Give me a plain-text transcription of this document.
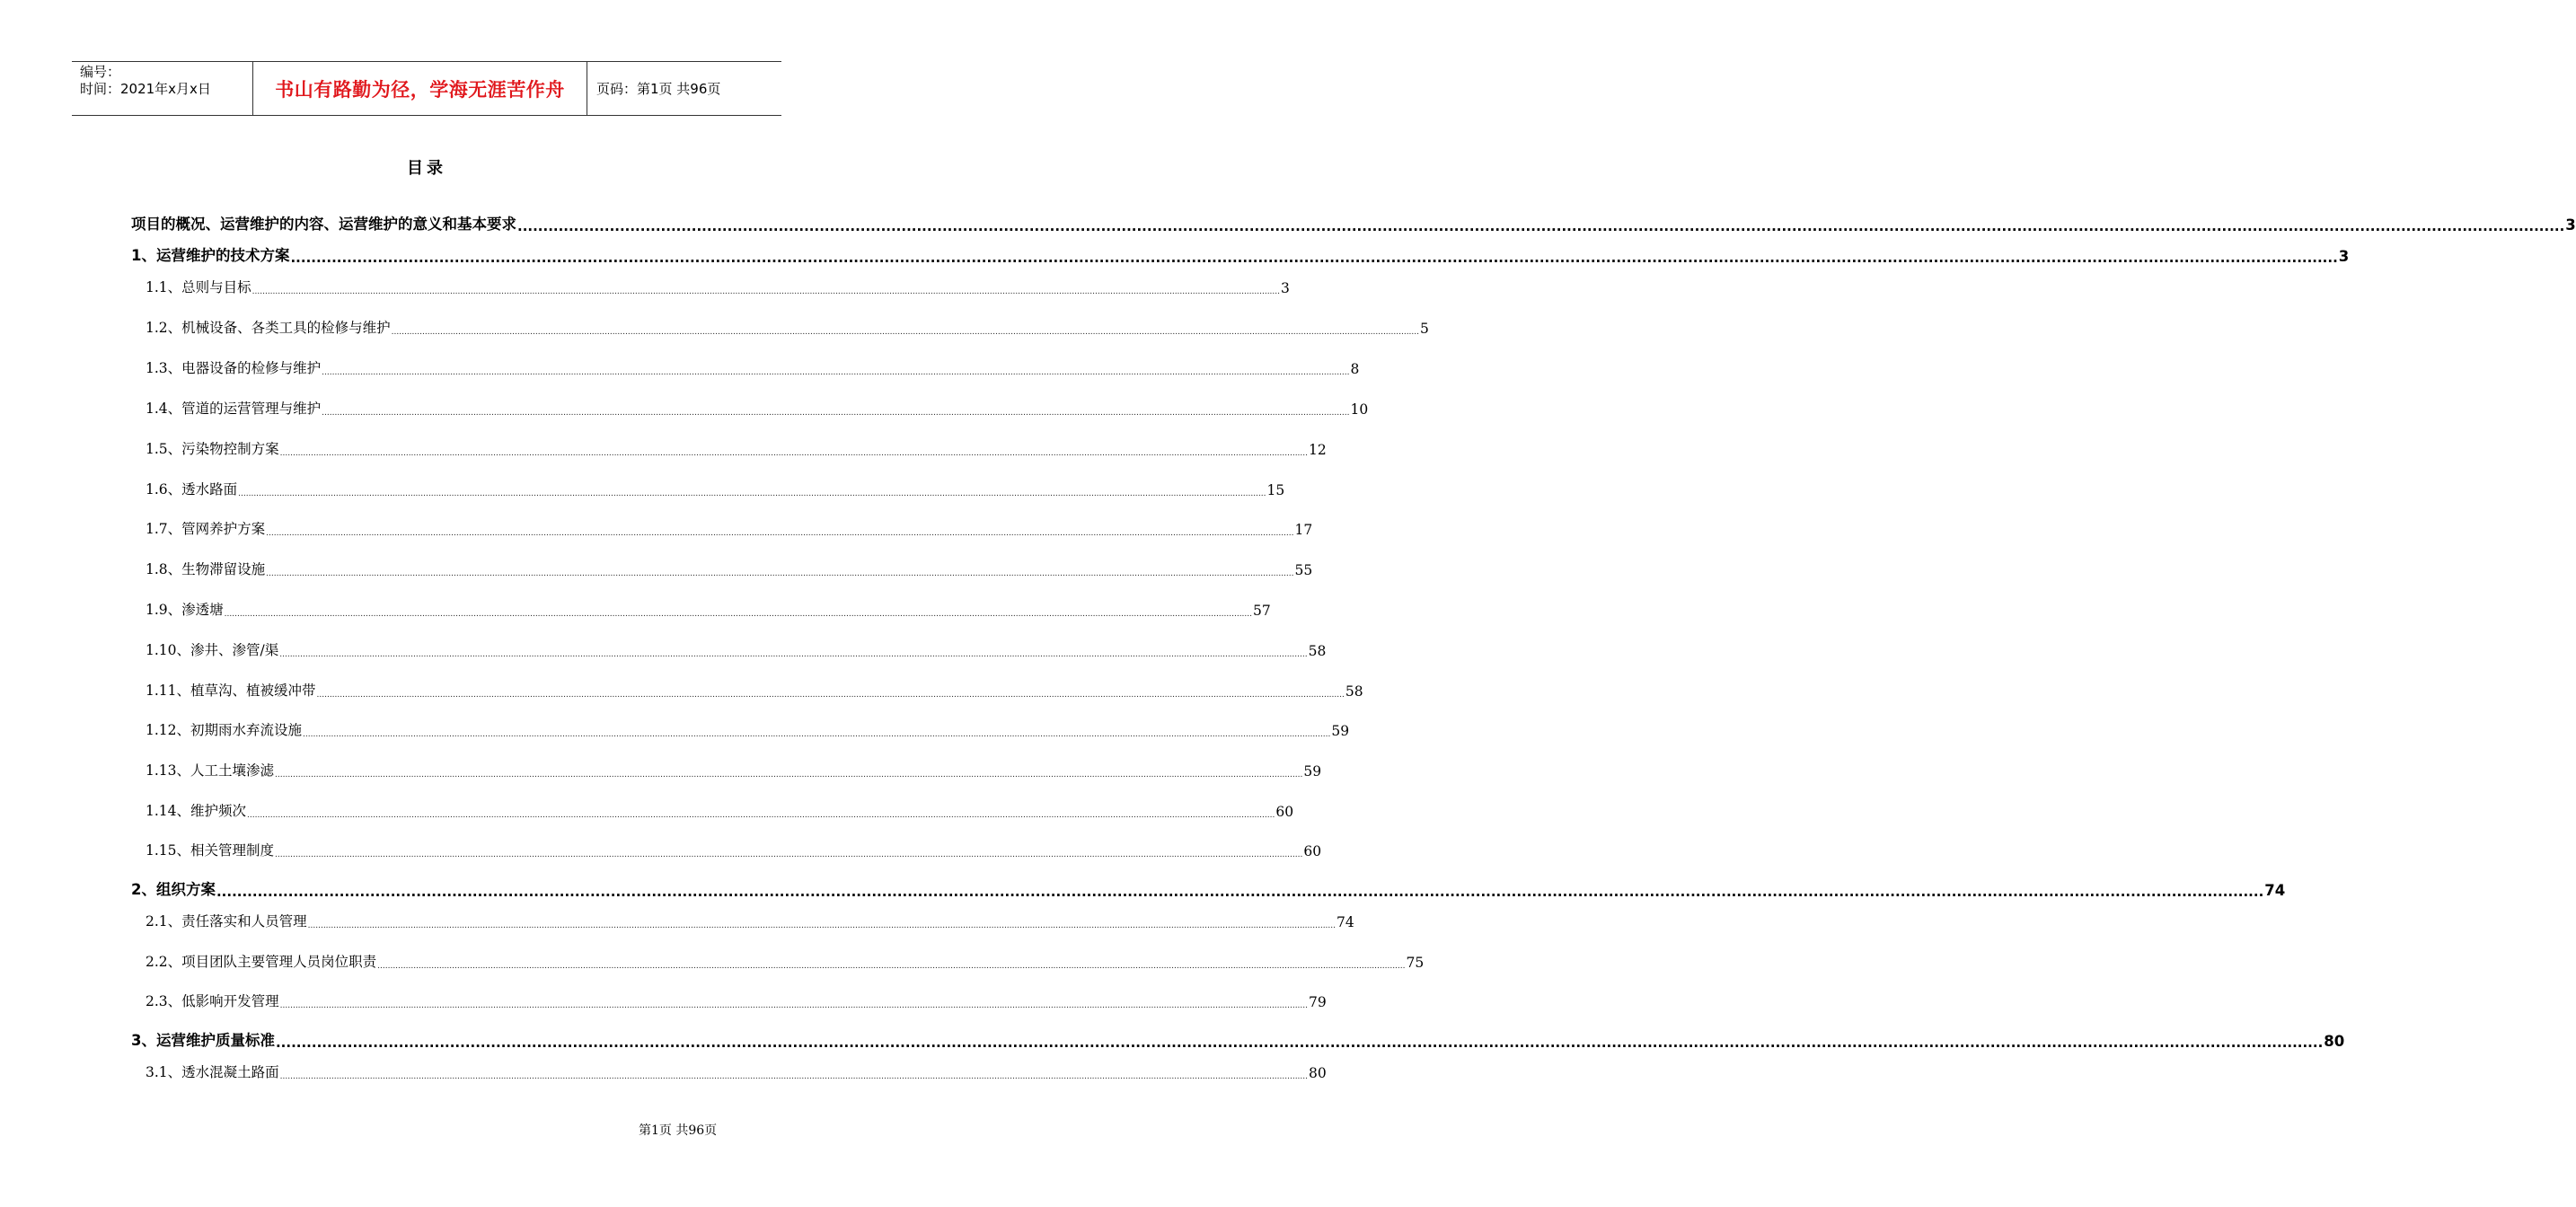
编号：
时间：2021年x月x日	书山有路勤为径，学海无涯苦作舟 页码：第1页 共96页
目录
项目的概况、运营维护的内容、运营维护的意义和基本要求 ................................................................................................................................................................................................................................................................................................................................................................................................................ 3
1、运营维护的技术方案 ................................................................................................................................................................................................................................................................................................................................................................................................................ 3
1.1、总则与目标 ................................................................................................................................................................................................................................................................................................................................................................................................................ 3
1.2、机械设备、各类工具的检修与维护 ................................................................................................................................................................................................................................................................................................................................................................................................................ 5
1.3、电器设备的检修与维护 ................................................................................................................................................................................................................................................................................................................................................................................................................ 8
1.4、管道的运营管理与维护 ................................................................................................................................................................................................................................................................................................................................................................................................................ 10
1.5、污染物控制方案 ................................................................................................................................................................................................................................................................................................................................................................................................................ 12
1.6、透水路面 ................................................................................................................................................................................................................................................................................................................................................................................................................ 15
1.7、管网养护方案 ................................................................................................................................................................................................................................................................................................................................................................................................................ 17
1.8、生物滞留设施 ................................................................................................................................................................................................................................................................................................................................................................................................................ 55
1.9、渗透塘 ................................................................................................................................................................................................................................................................................................................................................................................................................ 57
1.10、渗井、渗管/渠 ................................................................................................................................................................................................................................................................................................................................................................................................................ 58
1.11、植草沟、植被缓冲带 ................................................................................................................................................................................................................................................................................................................................................................................................................ 58
1.12、初期雨水弃流设施 ................................................................................................................................................................................................................................................................................................................................................................................................................ 59
1.13、人工土壤渗滤 ................................................................................................................................................................................................................................................................................................................................................................................................................ 59
1.14、维护频次 ................................................................................................................................................................................................................................................................................................................................................................................................................ 60
1.15、相关管理制度 ................................................................................................................................................................................................................................................................................................................................................................................................................ 60
2、组织方案 ................................................................................................................................................................................................................................................................................................................................................................................................................ 74
2.1、责任落实和人员管理 ................................................................................................................................................................................................................................................................................................................................................................................................................ 74
2.2、项目团队主要管理人员岗位职责 ................................................................................................................................................................................................................................................................................................................................................................................................................ 75
2.3、低影响开发管理 ................................................................................................................................................................................................................................................................................................................................................................................................................ 79
3、运营维护质量标准 ................................................................................................................................................................................................................................................................................................................................................................................................................ 80
3.1、透水混凝土路面 ................................................................................................................................................................................................................................................................................................................................................................................................................ 80
第1页 共96页
